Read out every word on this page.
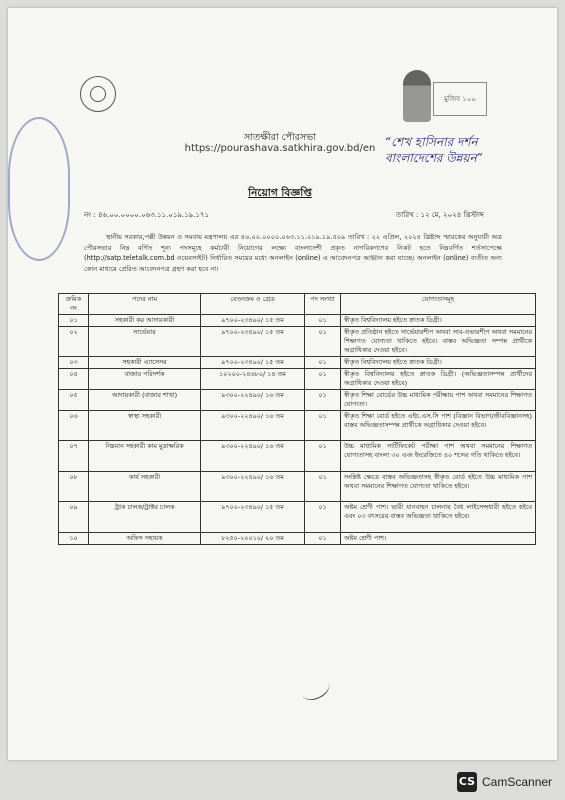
মুজিব ১০০
সাতক্ষীরা পৌরসভা
https://pourashava.satkhira.gov.bd/en “শেখ হাসিনার দর্শন বাংলাদেশের উন্নয়ন”
নিয়োগ বিজ্ঞপ্তি
নং : ৪৬.০০.০০০০.০৬৩.১১.০১৯.১৯.১৭১	তারিখ : ১২ মে, ২০২৪ খ্রিস্টাব্দ
স্থানীয় সরকার,পল্লী উন্নয়ন ও সমবায় মন্ত্রণালয় এর ৪৬.০০.০০০০.০৬৩.১১.০১৯.১৯.৫০৯ তারিখ : ২২ এপ্রিল, ২০২৪ খ্রিষ্টাব্দ স্মারকের অনুযায়ী অত্র পৌরসভার নিম্ন বর্ণিত শূন্য পদসমূহে কর্মচারী নিয়োগের লক্ষ্যে বাংলাদেশী প্রকৃত নাগরিকগণের নিকট হতে নিম্নবর্ণিত শর্তসাপেক্ষে (http://satp.teletalk.com.bd ওয়েবসাইট) নির্ধারিত সময়ের মধ্যে অনলাইন (online) এ আবেদনপত্র আহ্বান করা যাচ্ছে। অনলাইন (online) ব্যতীত অন্য কোন মাধ্যমে প্রেরিত আবেদনপত্র গ্রহণ করা হবে না।
ক্রমিক নং	পদের নাম	বেতনক্রম ও গ্রেড	পদ সংখ্যা	যোগ্যতাসমূহ
০১	সহকারী কর আদায়কারী	৯৭০০-২৩৪৯০/ ১৫ তম	০১	স্বীকৃত বিশ্ববিদ্যালয় হইতে স্নাতক ডিগ্রী।
০২	সার্ভেয়ার	৯৭০০-২৩৪৯০/ ১৫ তম	০১	স্বীকৃত প্রতিষ্ঠান হইতে সার্ভেয়ারশীপ অথবা সাব-ওভারশীপ অথবা সমমানের শিক্ষাগত যোগ্যতা থাকিতে হইবে। বাস্তব অভিজ্ঞতা সম্পন্ন প্রার্থীকে অগ্রাধিকার দেওয়া হইবে।
০৩	সহকারী এ্যাসেসর	৯৭০০-২৩৪৯০/ ১৫ তম	০১	স্বীকৃত বিশ্ববিদ্যালয় হইতে স্নাতক ডিগ্রী।
০৪	বাজার পরিদর্শক	১০২০০-২৪৬৮০/ ১৪ তম	০১	স্বীকৃত বিশ্ববিদ্যালয় হইতে স্নাতক ডিগ্রী। (অভিজ্ঞতাসম্পন্ন প্রার্থীদের অগ্রাধিকার দেওয়া হইবে)
০৫	আদায়কারী (বাজার শাখা)	৯৩০০-২২৪৯০/ ১৬ তম	০১	স্বীকৃত শিক্ষা বোর্ডের উচ্চ মাধ্যমিক পরীক্ষায় পাশ অথবা সমমানের শিক্ষাগত যোগ্যতা।
০৬	স্বাস্থ্য সহকারী	৯৩০০-২২৪৯০/ ১৬ তম	০১	স্বীকৃত শিক্ষা বোর্ড হইতে এইচ.এস.সি পাশ (বিজ্ঞান বিভাগ/জীববিজ্ঞানসহ) বাস্তব অভিজ্ঞতাসম্পন্ন প্রার্থীকে অগ্রাধিকার দেওয়া হইবে।
০৭	নিম্নমান সহকারী কাম মুদ্রাক্ষরিক	৯৩০০-২২৪৯০/ ১৬ তম	০১	উচ্চ মাধ্যমিক সার্টিফিকেট পরীক্ষা পাশ অথবা সমমানের শিক্ষাগত যোগ্যতাসহ বাংলা ৩০ এবং ইংরেজিতে ৪০ শব্দের গতি থাকিতে হইবে।
০৮	কার্য সহকারী	৯৩০০-২২৪৯০/ ১৬ তম	০১	সংশ্লিষ্ট ক্ষেত্রে বাস্তব অভিজ্ঞতাসহ স্বীকৃত বোর্ড হইতে উচ্চ মাধ্যমিক পাশ অথবা সমমানের শিক্ষাগত যোগ্যতা থাকিতে হইবে।
০৯	ট্রাক চালক/ট্রাক্টর চালক	৯৭০০-২৩৪৯০/ ১৫ তম	০১	অষ্টম শ্রেণী পাশ। ভারী যানবাহন চালনায় বৈধ লাইসেন্সধারী হইতে হইবে এবং ০৩ বৎসরের বাস্তব অভিজ্ঞতা থাকিতে হইবে।
১০	অফিস সহায়ক	৮২৫০-২০০১০/ ২০ তম	০১	অষ্টম শ্রেণী পাশ।
CS CamScanner
